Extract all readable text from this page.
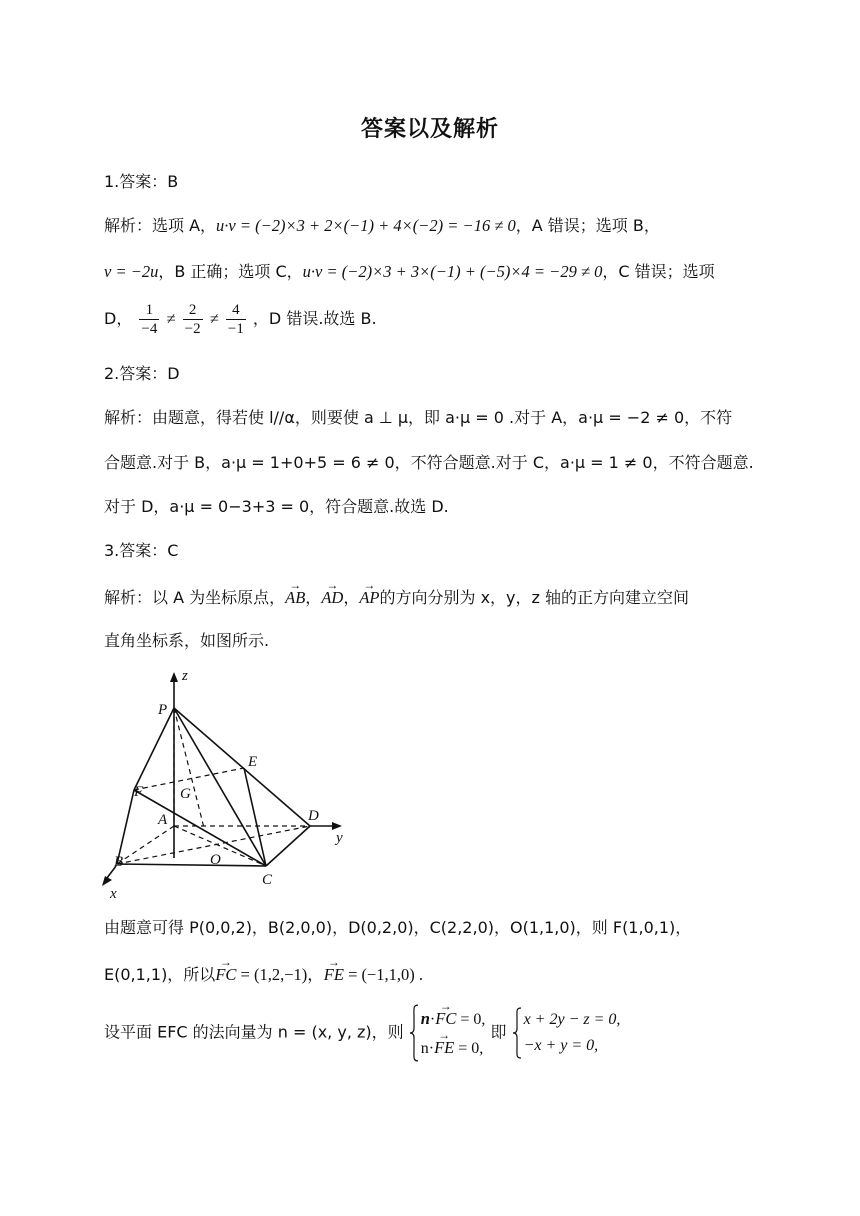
答案以及解析
1.答案：B
解析：选项 A，u·v = (−2)×3 + 2×(−1) + 4×(−2) = −16 ≠ 0，A 错误；选项 B，
v = −2u，B 正确；选项 C，u·v = (−2)×3 + 3×(−1) + (−5)×4 = −29 ≠ 0，C 错误；选项
D， $\frac{1}{-4} \ne \frac{2}{-2} \ne \frac{4}{-1}$ ，D 错误.故选 B.
2.答案：D
解析：由题意，得若使 l//α，则要使 a ⊥ μ，即 a·μ = 0 .对于 A，a·μ = −2 ≠ 0，不符
合题意.对于 B，a·μ = 1+0+5 = 6 ≠ 0，不符合题意.对于 C，a·μ = 1 ≠ 0，不符合题意.
对于 D，a·μ = 0−3+3 = 0，符合题意.故选 D.
3.答案：C
解析：以 A 为坐标原点，→ AB，→ AD，→ AP的方向分别为 x，y，z 轴的正方向建立空间
直角坐标系，如图所示.
z
y
x
P
E
F G
A	D
B	O
C
由题意可得 P(0,0,2)，B(2,0,0)，D(0,2,0)，C(2,2,0)，O(1,1,0)，则 F(1,0,1)，
E(0,1,1)，所以→ FC = (1,2,−1)，→ FE = (−1,1,0) .
设平面 EFC 的法向量为 n = (x, y, z)，则
n·→ FC = 0,
n·→ FE = 0,
即
x + 2y − z = 0,
−x + y = 0,
